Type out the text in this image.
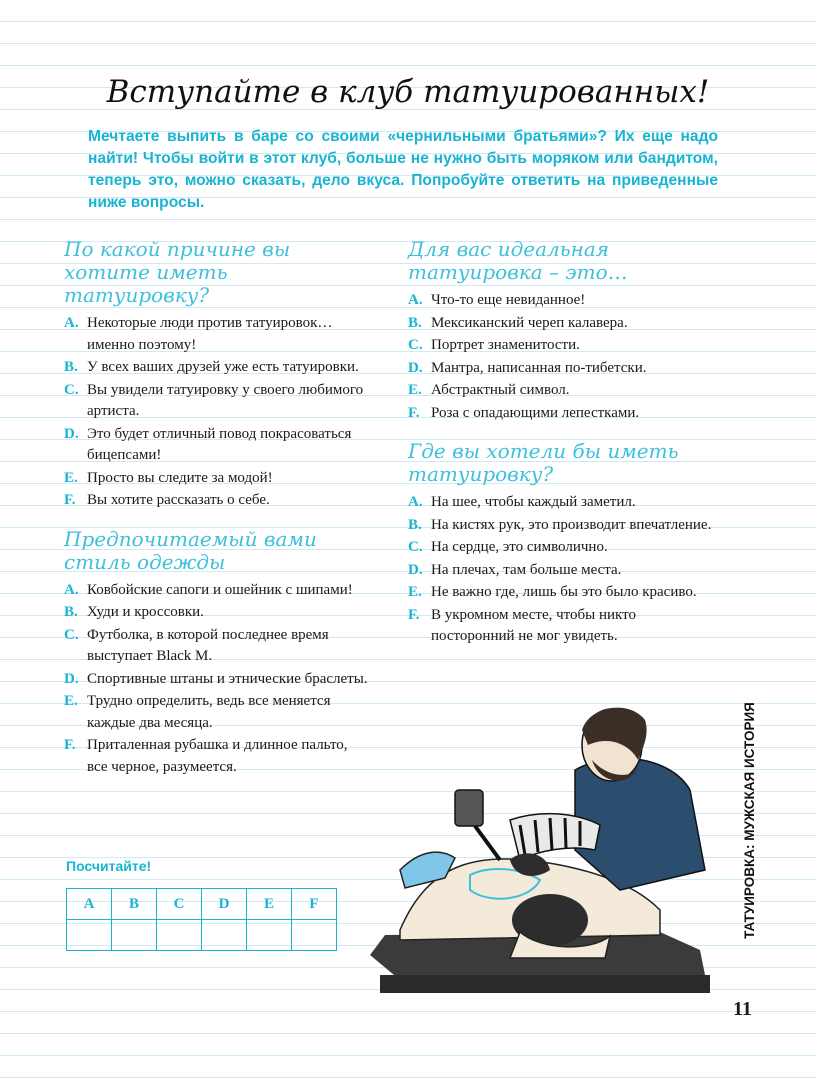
Вступайте в клуб татуированных!
Мечтаете выпить в баре со своими «чернильными братьями»? Их еще надо найти! Чтобы войти в этот клуб, больше не нужно быть моряком или бандитом, теперь это, можно сказать, дело вкуса. Попробуйте ответить на приведенные ниже вопросы.
По какой причине вы хотите иметь татуировку?
A. Некоторые люди против татуировок… именно поэтому!
B. У всех ваших друзей уже есть татуировки.
C. Вы увидели татуировку у своего любимого артиста.
D. Это будет отличный повод покрасоваться бицепсами!
E. Просто вы следите за модой!
F. Вы хотите рассказать о себе.
Предпочитаемый вами стиль одежды
A. Ковбойские сапоги и ошейник с шипами!
B. Худи и кроссовки.
C. Футболка, в которой последнее время выступает Black M.
D. Спортивные штаны и этнические браслеты.
E. Трудно определить, ведь все меняется каждые два месяца.
F. Приталенная рубашка и длинное пальто, все черное, разумеется.
Для вас идеальная татуировка – это…
A. Что-то еще невиданное!
B. Мексиканский череп калавера.
C. Портрет знаменитости.
D. Мантра, написанная по-тибетски.
E. Абстрактный символ.
F. Роза с опадающими лепестками.
Где вы хотели бы иметь татуировку?
A. На шее, чтобы каждый заметил.
B. На кистях рук, это производит впечатление.
C. На сердце, это символично.
D. На плечах, там больше места.
E. Не важно где, лишь бы это было красиво.
F. В укромном месте, чтобы никто посторонний не мог увидеть.
Посчитайте!
A	B	C	D	E	F
						ТАТУИРОВКА: МУЖСКАЯ ИСТОРИЯ
11
